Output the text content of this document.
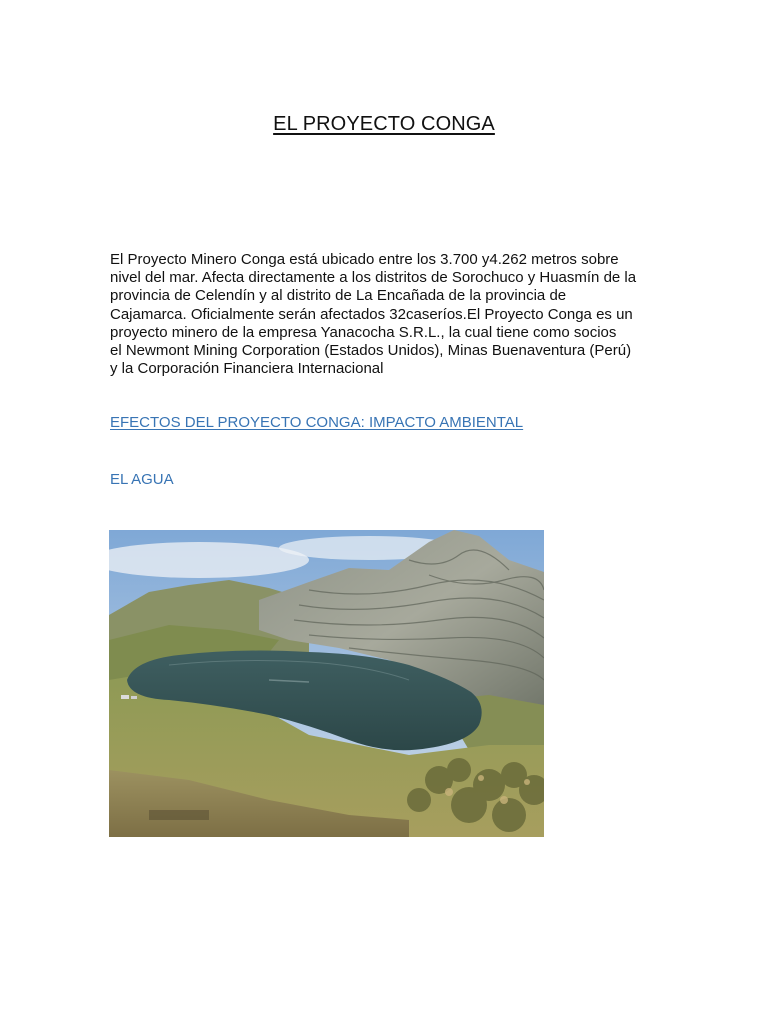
EL PROYECTO CONGA
El Proyecto Minero Conga está ubicado entre los 3.700 y4.262 metros sobre
nivel del mar. Afecta directamente a los distritos de Sorochuco y Huasmín de la
provincia de Celendín y al distrito de La Encañada de la provincia de
Cajamarca. Oficialmente serán afectados 32caseríos.El Proyecto Conga es un
proyecto minero de la empresa Yanacocha S.R.L., la cual tiene como socios
el Newmont Mining Corporation (Estados Unidos), Minas Buenaventura (Perú)
y la Corporación Financiera Internacional
EFECTOS DEL PROYECTO CONGA: IMPACTO AMBIENTAL
EL AGUA
